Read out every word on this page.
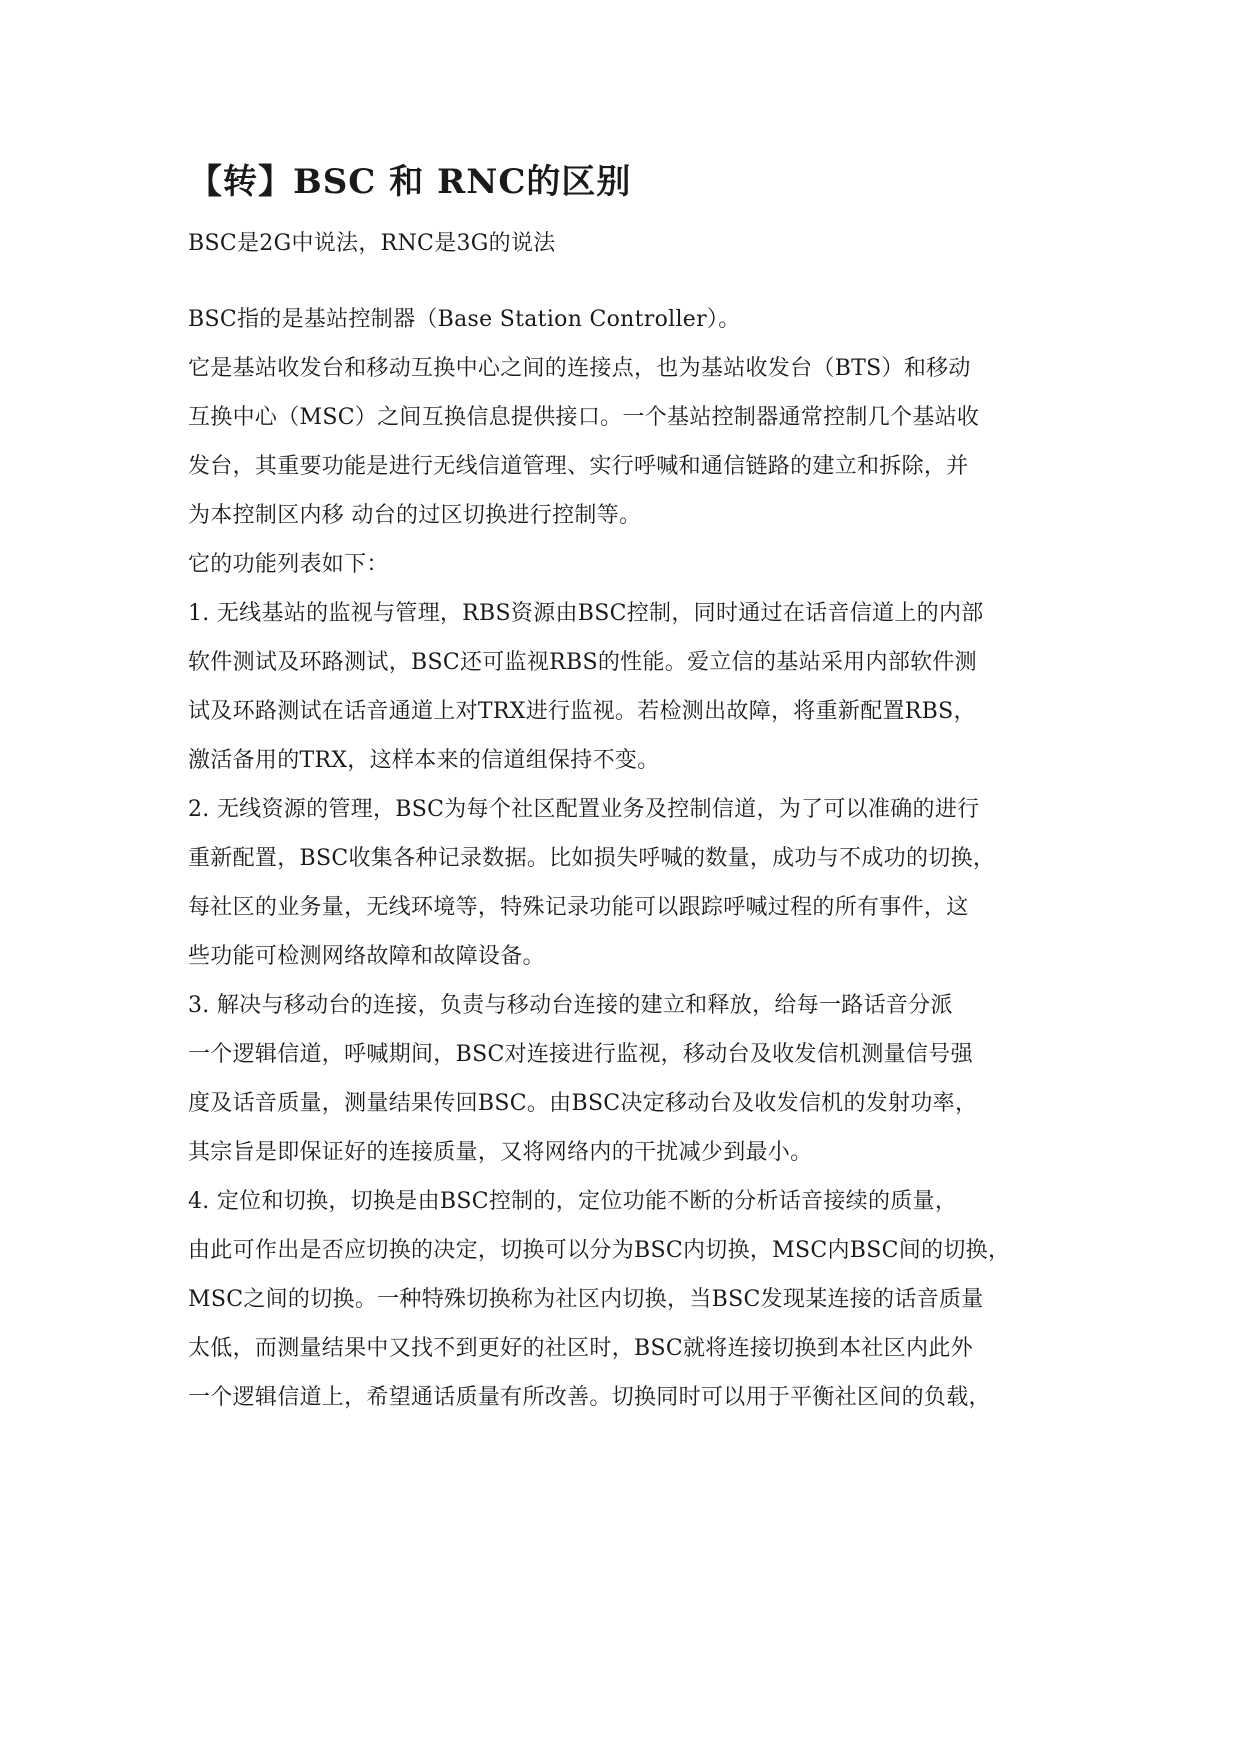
【转】BSC 和 RNC的区别

BSC是2G中说法，RNC是3G的说法

BSC指的是基站控制器（Base Station Controller）。

它是基站收发台和移动互换中心之间的连接点，也为基站收发台（BTS）和移动

互换中心（MSC）之间互换信息提供接口。一个基站控制器通常控制几个基站收

发台，其重要功能是进行无线信道管理、实行呼喊和通信链路的建立和拆除，并

为本控制区内移 动台的过区切换进行控制等。

它的功能列表如下：

1. 无线基站的监视与管理，RBS资源由BSC控制，同时通过在话音信道上的内部

软件测试及环路测试，BSC还可监视RBS的性能。爱立信的基站采用内部软件测

试及环路测试在话音通道上对TRX进行监视。若检测出故障，将重新配置RBS，

激活备用的TRX，这样本来的信道组保持不变。

2. 无线资源的管理，BSC为每个社区配置业务及控制信道，为了可以准确的进行

重新配置，BSC收集各种记录数据。比如损失呼喊的数量，成功与不成功的切换，

每社区的业务量，无线环境等，特殊记录功能可以跟踪呼喊过程的所有事件，这

些功能可检测网络故障和故障设备。

3. 解决与移动台的连接，负责与移动台连接的建立和释放，给每一路话音分派

一个逻辑信道，呼喊期间，BSC对连接进行监视，移动台及收发信机测量信号强

度及话音质量，测量结果传回BSC。由BSC决定移动台及收发信机的发射功率，

其宗旨是即保证好的连接质量，又将网络内的干扰减少到最小。

4. 定位和切换，切换是由BSC控制的，定位功能不断的分析话音接续的质量，

由此可作出是否应切换的决定，切换可以分为BSC内切换，MSC内BSC间的切换，

MSC之间的切换。一种特殊切换称为社区内切换，当BSC发现某连接的话音质量

太低，而测量结果中又找不到更好的社区时，BSC就将连接切换到本社区内此外

一个逻辑信道上，希望通话质量有所改善。切换同时可以用于平衡社区间的负载，
